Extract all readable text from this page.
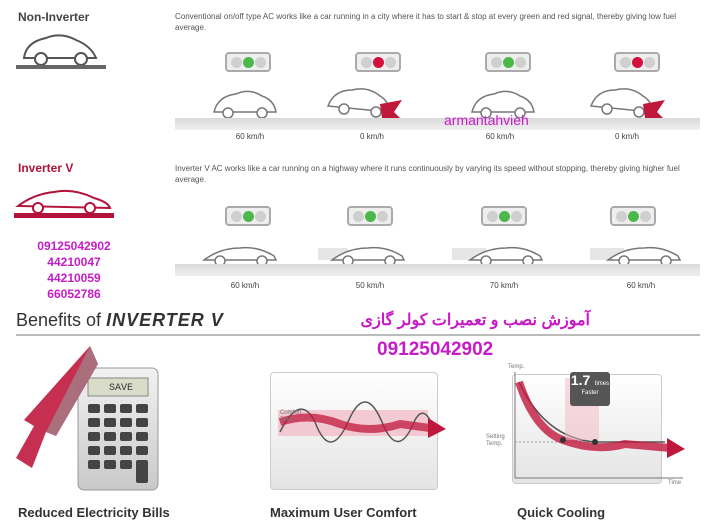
Non-Inverter	Conventional on/off type AC works like a car running in a city where it has to start & stop at every green and red signal, thereby giving low fuel average.
60 km/h	0 km/h	60 km/h	0 km/h
armantahvieh
Inverter V	Inverter V AC works like a car running on a highway where it runs continuously by varying its speed without stopping, thereby giving higher fuel average.
60 km/h	50 km/h	70 km/h	60 km/h
09125042902
44210047
44210059
66052786
Benefits of INVERTER V	آموزش نصب و تعمیرات کولر گازی
09125042902
SAVE
Reduced Electricity Bills
Comfort Zone
Maximum User Comfort
1.7 times
Faster
Temp.
Time
Setting Temp.
Quick Cooling
